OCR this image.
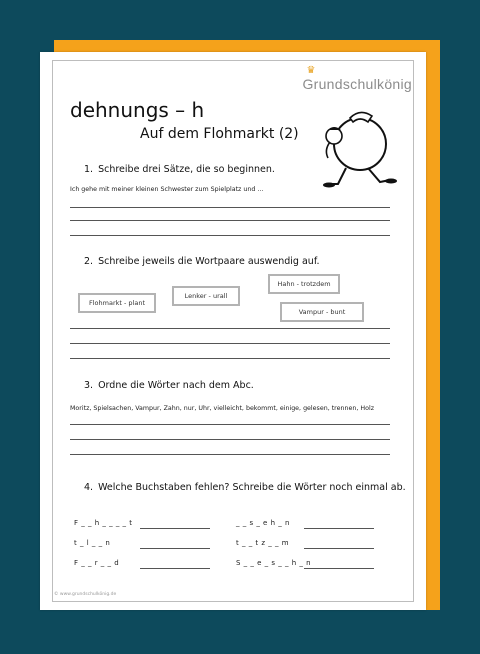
♛
Grundschulkönig
dehnungs – h
Auf dem Flohmarkt (2)
1. Schreibe drei Sätze, die so beginnen.
Ich gehe mit meiner kleinen Schwester zum Spielplatz und …
2. Schreibe jeweils die Wortpaare auswendig auf.
Hahn - trotzdem
Lenker - urall
Flohmarkt - plant
Vampur - bunt
3. Ordne die Wörter nach dem Abc.
Moritz, Spielsachen, Vampur, Zahn, nur, Uhr, vielleicht, bekommt, einige, gelesen, trennen, Holz
4. Welche Buchstaben fehlen? Schreibe die Wörter noch einmal ab.
F _ _ h _ _ _ _ t	_ _ s _ e h _ n
t _ l _ _ n	t _ _ t z _ _ m
F _ _ r _ _ d	S _ _ e _ s _ _ h _ n
© www.grundschulkönig.de
